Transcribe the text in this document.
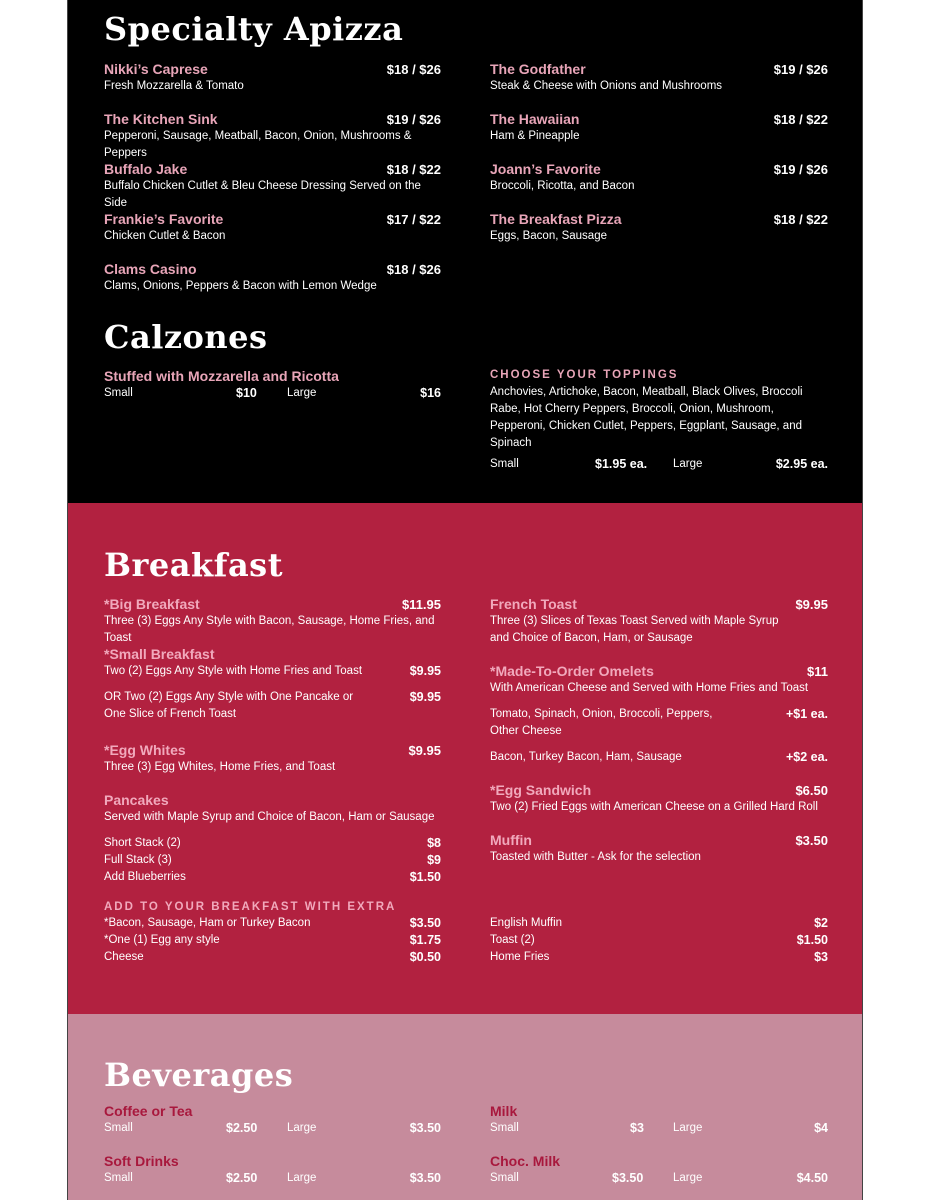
Specialty Apizza
Nikki’s Caprese	$18 / $26
Fresh Mozzarella & Tomato
The Kitchen Sink	$19 / $26
Pepperoni, Sausage, Meatball, Bacon, Onion, Mushrooms & Peppers
Buffalo Jake	$18 / $22
Buffalo Chicken Cutlet & Bleu Cheese Dressing Served on the Side
Frankie’s Favorite	$17 / $22
Chicken Cutlet & Bacon
Clams Casino	$18 / $26
Clams, Onions, Peppers & Bacon with Lemon Wedge
The Godfather	$19 / $26
Steak & Cheese with Onions and Mushrooms
The Hawaiian	$18 / $22
Ham & Pineapple
Joann’s Favorite	$19 / $26
Broccoli, Ricotta, and Bacon
The Breakfast Pizza	$18 / $22
Eggs, Bacon, Sausage
Calzones
Stuffed with Mozzarella and Ricotta
Small	$10	Large	$16
CHOOSE YOUR TOPPINGS
Anchovies, Artichoke, Bacon, Meatball, Black Olives, Broccoli Rabe, Hot Cherry Peppers, Broccoli, Onion, Mushroom, Pepperoni, Chicken Cutlet, Peppers, Eggplant, Sausage, and Spinach
Small	$1.95 ea. Large	$2.95 ea.
Breakfast
*Big Breakfast	$11.95
Three (3) Eggs Any Style with Bacon, Sausage, Home Fries, and Toast
*Small Breakfast
Two (2) Eggs Any Style with Home Fries and Toast	$9.95
OR Two (2) Eggs Any Style with One Pancake or One Slice of French Toast
$9.95
*Egg Whites	$9.95
Three (3) Egg Whites, Home Fries, and Toast
Pancakes
Served with Maple Syrup and Choice of Bacon, Ham or Sausage
Short Stack (2)	$8
Full Stack (3)	$9
Add Blueberries	$1.50
ADD TO YOUR BREAKFAST WITH EXTRA
*Bacon, Sausage, Ham or Turkey Bacon	$3.50
*One (1) Egg any style	$1.75
Cheese	$0.50
French Toast	$9.95
Three (3) Slices of Texas Toast Served with Maple Syrup and Choice of Bacon, Ham, or Sausage
*Made-To-Order Omelets	$11
With American Cheese and Served with Home Fries and Toast
Tomato, Spinach, Onion, Broccoli, Peppers, Other Cheese
+$1 ea.
Bacon, Turkey Bacon, Ham, Sausage	+$2 ea.
*Egg Sandwich	$6.50
Two (2) Fried Eggs with American Cheese on a Grilled Hard Roll
Muffin	$3.50
Toasted with Butter - Ask for the selection
English Muffin	$2
Toast (2)	$1.50
Home Fries	$3
Beverages
Coffee or Tea
Small	$2.50	Large	$3.50
Soft Drinks
Small	$2.50	Large	$3.50
Milk
Small	$3	Large	$4
Choc. Milk
Small	$3.50	Large	$4.50
